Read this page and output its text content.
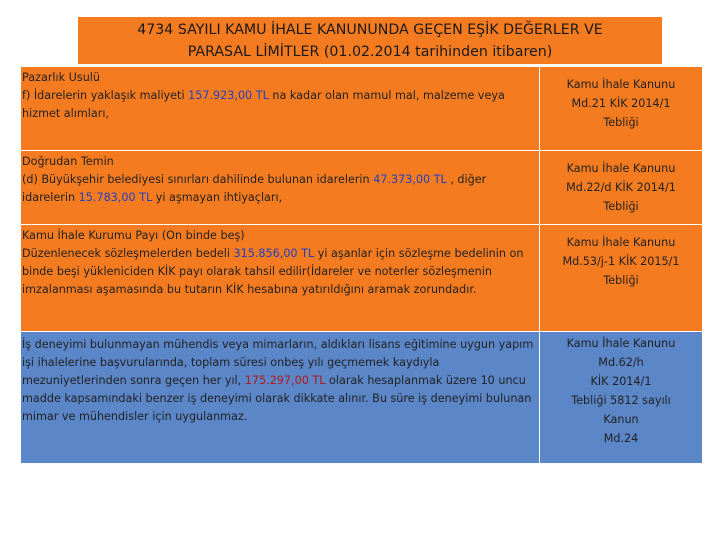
4734 SAYILI KAMU İHALE KANUNUNDA GEÇEN EŞİK DEĞERLER VE
PARASAL LİMİTLER (01.02.2014 tarihinden itibaren)
Pazarlık Usulü
f) İdarelerin yaklaşık maliyeti 157.923,00 TL na kadar olan mamul mal, malzeme veya hizmet alımları,
Kamu İhale Kanunu
Md.21 KİK 2014/1
Tebliği
Doğrudan Temin
(d) Büyükşehir belediyesi sınırları dahilinde bulunan idarelerin 47.373,00 TL , diğer idarelerin 15.783,00 TL yi aşmayan ihtiyaçları,
Kamu İhale Kanunu
Md.22/d KİK 2014/1
Tebliği
Kamu İhale Kurumu Payı (On binde beş)
Düzenlenecek sözleşmelerden bedeli 315.856,00 TL yi aşanlar için sözleşme bedelinin on binde beşi yükleniciden KİK payı olarak tahsil edilir(İdareler ve noterler sözleşmenin imzalanması aşamasında bu tutarın KİK hesabına yatırıldığını aramak zorundadır.
Kamu İhale Kanunu
Md.53/j-1 KİK 2015/1
Tebliği
İş deneyimi bulunmayan mühendis veya mimarların, aldıkları lisans eğitimine uygun yapım işi ihalelerine başvurularında, toplam süresi onbeş yılı geçmemek kaydıyla mezuniyetlerinden sonra geçen her yıl, 175.297,00 TL olarak hesaplanmak üzere 10 uncu madde kapsamındaki benzer iş deneyimi olarak dikkate alınır. Bu süre iş deneyimi bulunan mimar ve mühendisler için uygulanmaz.
Kamu İhale Kanunu
Md.62/h
KİK 2014/1
Tebliği 5812 sayılı
Kanun
Md.24
